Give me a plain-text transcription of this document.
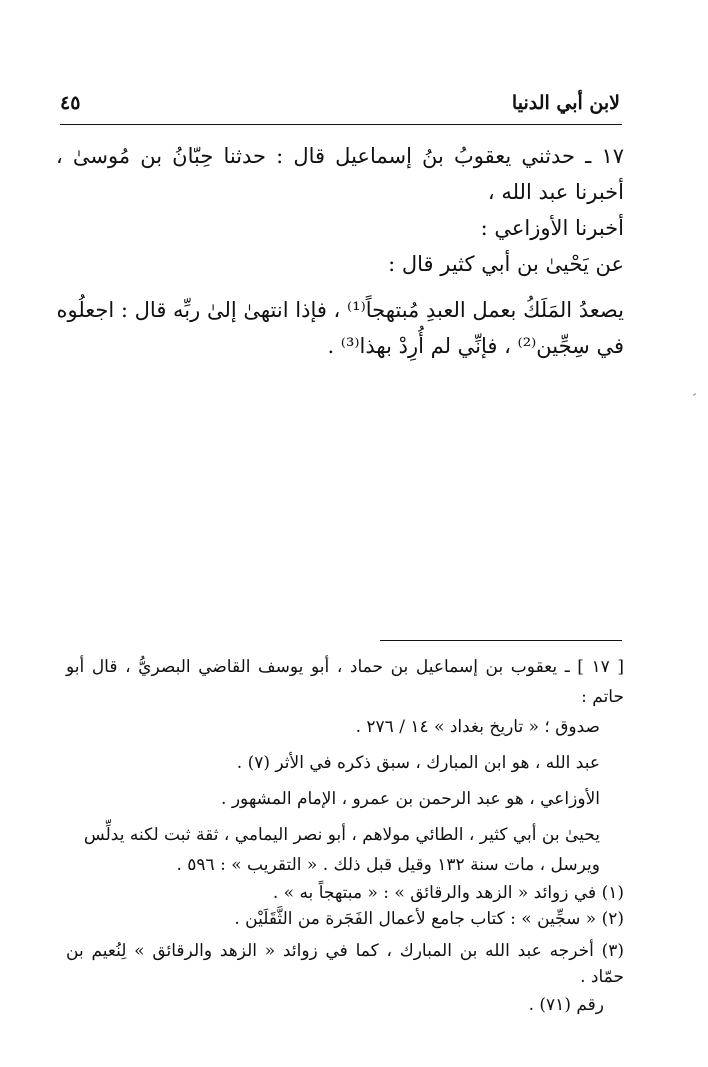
لابن أبي الدنيا
٤٥

١٧ ـ حدثني يعقوبُ بنُ إسماعيل قال : حدثنا حِبّانُ بن مُوسىٰ ، أخبرنا عبد الله ،

أخبرنا الأوزاعي :

عن يَحْيىٰ بن أبي كثير قال :

يصعدُ المَلَكُ بعمل العبدِ مُبتهجاً⁽¹⁾ ، فإذا انتهىٰ إلىٰ ربِّه قال : اجعلُوه

في سِجِّين⁽²⁾ ، فإنِّي لم أُرِدْ بهذا⁽³⁾ .

[ ١٧ ] ـ يعقوب بن إسماعيل بن حماد ، أبو يوسف القاضي البصريُّ ، قال أبو حاتم :

صدوق ؛ « تاريخ بغداد » ١٤ / ٢٧٦ .

عبد الله ، هو ابن المبارك ، سبق ذكره في الأثر (٧) .

الأوزاعي ، هو عبد الرحمن بن عمرو ، الإمام المشهور .

يحيىٰ بن أبي كثير ، الطائي مولاهم ، أبو نصر اليمامي ، ثقة ثبت لكنه يدلِّس

ويرسل ، مات سنة ١٣٢ وقيل قبل ذلك . « التقريب » : ٥٩٦ .

(١) في زوائد « الزهد والرقائق » : « مبتهجاً به » .

(٢) « سجِّين » : كتاب جامع لأعمال الفَجَرة من الثَّقَلَيْن .

(٣) أخرجه عبد الله بن المبارك ، كما في زوائد « الزهد والرقائق » لِنُعيم بن حمّاد .

رقم (٧١) .
